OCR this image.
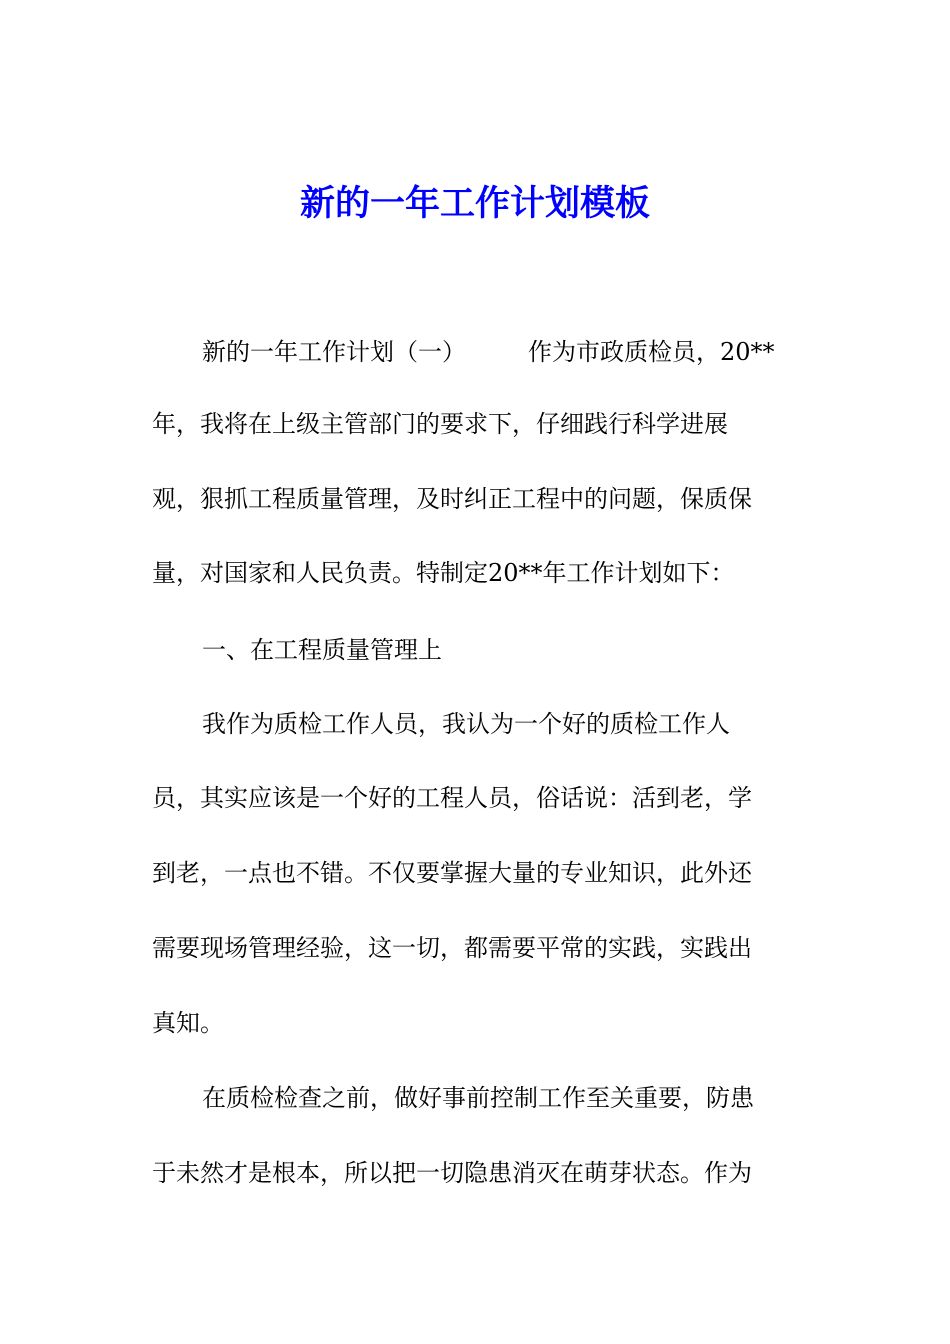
新的一年工作计划模板
新的一年工作计划（一）	作为市政质检员，20**
年，我将在上级主管部门的要求下，仔细践行科学进展
观，狠抓工程质量管理，及时纠正工程中的问题，保质保
量，对国家和人民负责。特制定20**年工作计划如下：
一、在工程质量管理上
我作为质检工作人员，我认为一个好的质检工作人
员，其实应该是一个好的工程人员，俗话说：活到老，学
到老，一点也不错。不仅要掌握大量的专业知识，此外还
需要现场管理经验，这一切，都需要平常的实践，实践出
真知。
在质检检查之前，做好事前控制工作至关重要，防患
于未然才是根本，所以把一切隐患消灭在萌芽状态。作为
